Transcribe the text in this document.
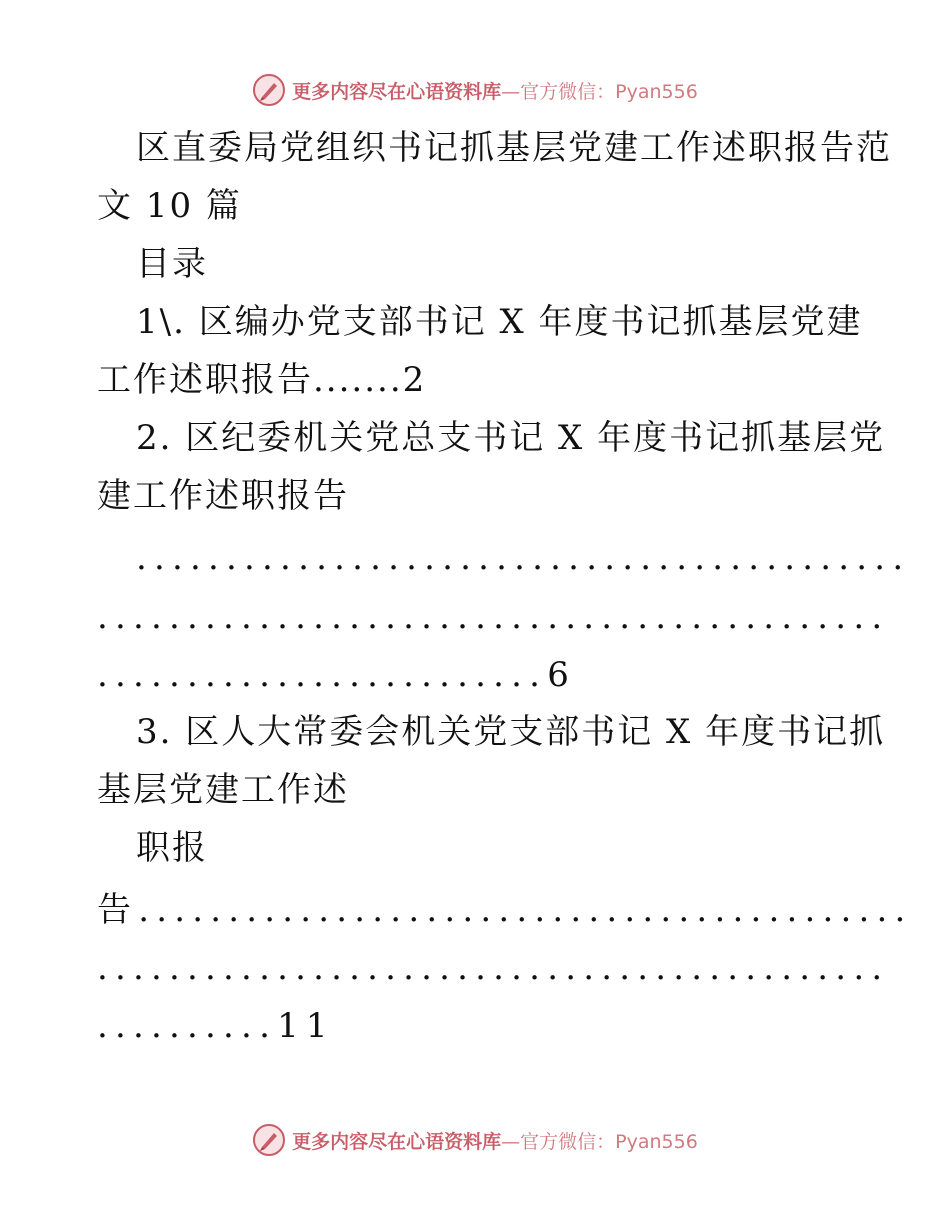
更多内容尽在心语资料库—官方微信：Pyan556
区直委局党组织书记抓基层党建工作述职报告范
文 10 篇
目录
1\. 区编办党支部书记 X 年度书记抓基层党建
工作述职报告.......2
2. 区纪委机关党总支书记 X 年度书记抓基层党
建工作述职报告
...........................................
............................................
.........................6
3. 区人大常委会机关党支部书记 X 年度书记抓
基层党建工作述
职报
告...........................................
............................................
..........11
更多内容尽在心语资料库—官方微信：Pyan556
